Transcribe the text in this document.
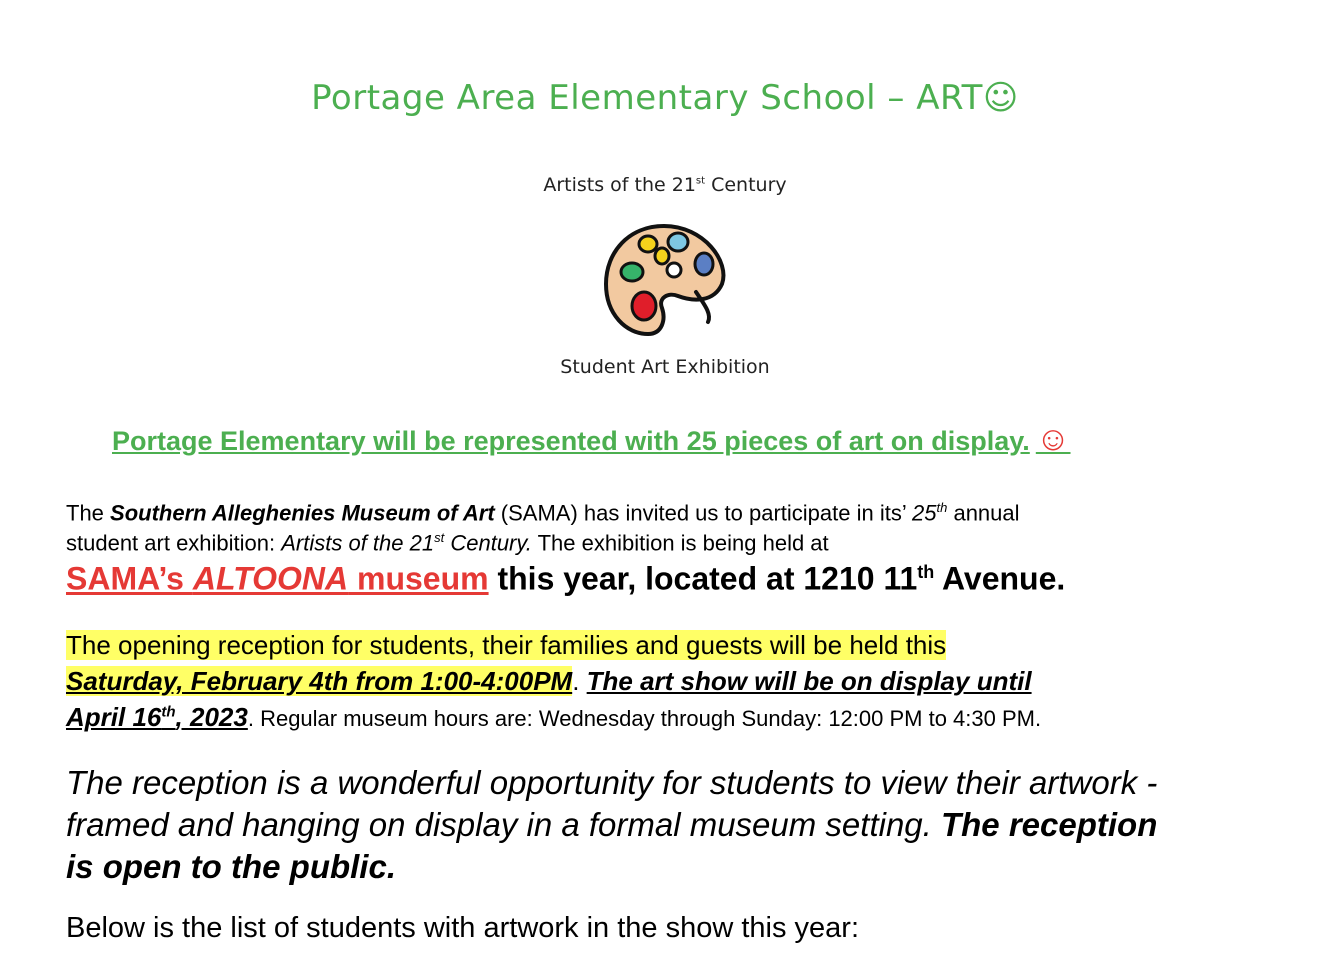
Portage Area Elementary School – ART☺
Artists of the 21st Century
Student Art Exhibition
Portage Elementary will be represented with 25 pieces of art on display. ☺
The Southern Alleghenies Museum of Art (SAMA) has invited us to participate in its’ 25th annual
student art exhibition: Artists of the 21st Century. The exhibition is being held at
SAMA’s ALTOONA museum this year, located at 1210 11th Avenue.
The opening reception for students, their families and guests will be held this
Saturday, February 4th from 1:00-4:00PM. The art show will be on display until
April 16th, 2023. Regular museum hours are: Wednesday through Sunday: 12:00 PM to 4:30 PM.
The reception is a wonderful opportunity for students to view their artwork -
framed and hanging on display in a formal museum setting. The reception
is open to the public.
Below is the list of students with artwork in the show this year:
